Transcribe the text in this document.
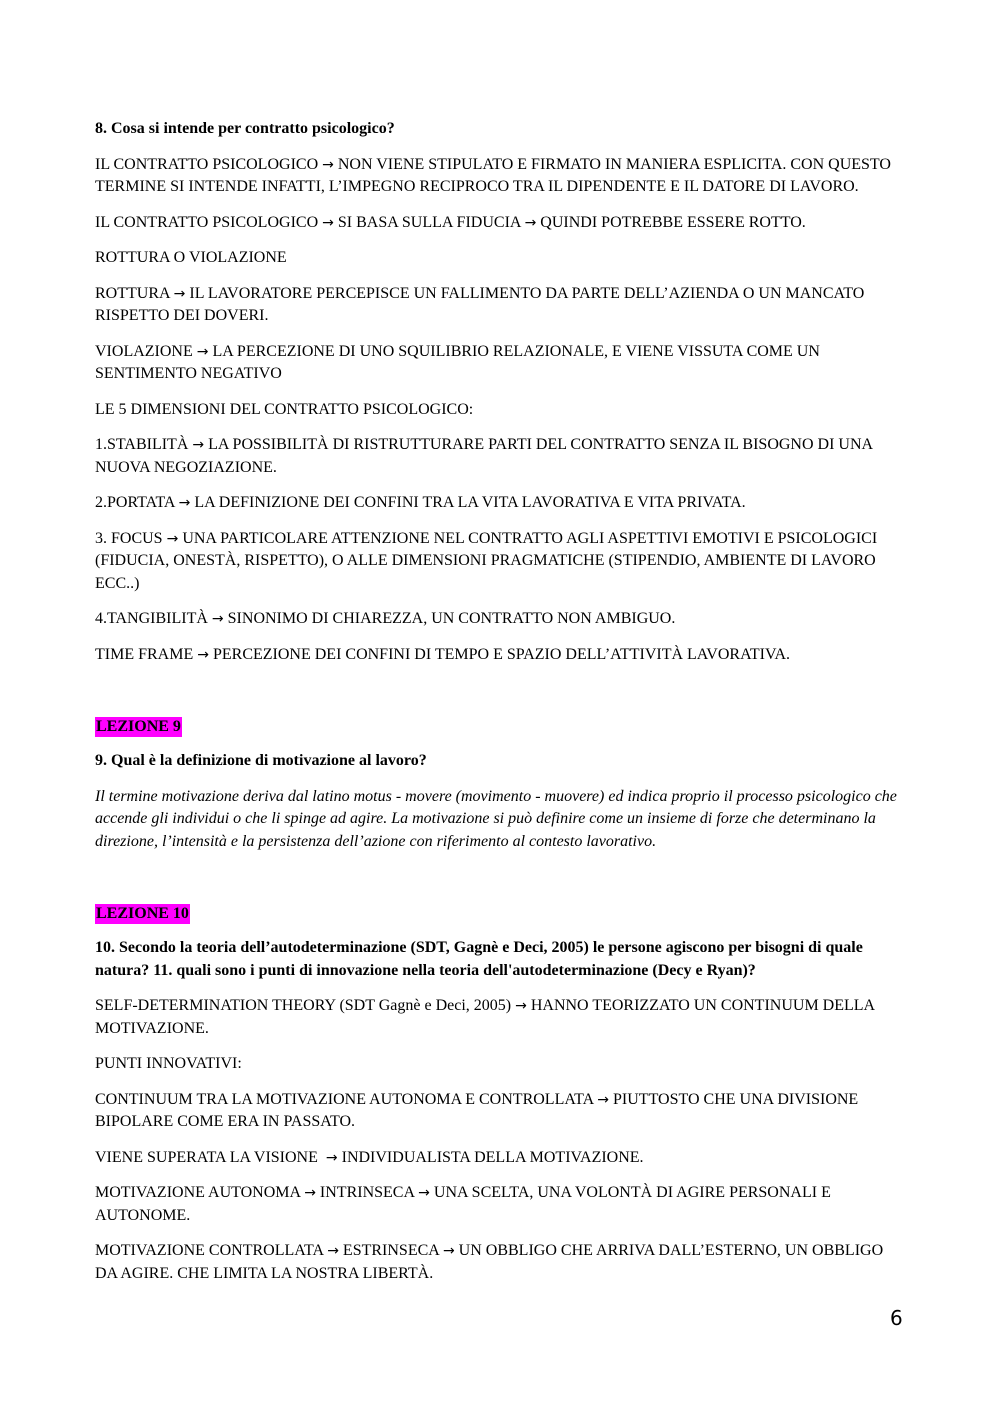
8. Cosa si intende per contratto psicologico?

IL CONTRATTO PSICOLOGICO → NON VIENE STIPULATO E FIRMATO IN MANIERA ESPLICITA. CON QUESTO TERMINE SI INTENDE INFATTI, L’IMPEGNO RECIPROCO TRA IL DIPENDENTE E IL DATORE DI LAVORO.

IL CONTRATTO PSICOLOGICO → SI BASA SULLA FIDUCIA → QUINDI POTREBBE ESSERE ROTTO.

ROTTURA O VIOLAZIONE

ROTTURA → IL LAVORATORE PERCEPISCE UN FALLIMENTO DA PARTE DELL’AZIENDA O UN MANCATO RISPETTO DEI DOVERI.

VIOLAZIONE → LA PERCEZIONE DI UNO SQUILIBRIO RELAZIONALE, E VIENE VISSUTA COME UN SENTIMENTO NEGATIVO

LE 5 DIMENSIONI DEL CONTRATTO PSICOLOGICO:

1.STABILITÀ → LA POSSIBILITÀ DI RISTRUTTURARE PARTI DEL CONTRATTO SENZA IL BISOGNO DI UNA NUOVA NEGOZIAZIONE.

2.PORTATA → LA DEFINIZIONE DEI CONFINI TRA LA VITA LAVORATIVA E VITA PRIVATA.

3. FOCUS → UNA PARTICOLARE ATTENZIONE NEL CONTRATTO AGLI ASPETTIVI EMOTIVI E PSICOLOGICI (FIDUCIA, ONESTÀ, RISPETTO), O ALLE DIMENSIONI PRAGMATICHE (STIPENDIO, AMBIENTE DI LAVORO ECC..)

4.TANGIBILITÀ → SINONIMO DI CHIAREZZA, UN CONTRATTO NON AMBIGUO.

TIME FRAME → PERCEZIONE DEI CONFINI DI TEMPO E SPAZIO DELL’ATTIVITÀ LAVORATIVA.

LEZIONE 9

9. Qual è la definizione di motivazione al lavoro?

Il termine motivazione deriva dal latino motus - movere (movimento - muovere) ed indica proprio il processo psicologico che accende gli individui o che li spinge ad agire. La motivazione si può definire come un insieme di forze che determinano la direzione, l’intensità e la persistenza dell’azione con riferimento al contesto lavorativo.

LEZIONE 10

10. Secondo la teoria dell’autodeterminazione (SDT, Gagnè e Deci, 2005) le persone agiscono per bisogni di quale natura? 11. quali sono i punti di innovazione nella teoria dell'autodeterminazione (Decy e Ryan)?

SELF-DETERMINATION THEORY (SDT Gagnè e Deci, 2005) → HANNO TEORIZZATO UN CONTINUUM DELLA MOTIVAZIONE.

PUNTI INNOVATIVI:

CONTINUUM TRA LA MOTIVAZIONE AUTONOMA E CONTROLLATA → PIUTTOSTO CHE UNA DIVISIONE BIPOLARE COME ERA IN PASSATO.

VIENE SUPERATA LA VISIONE → INDIVIDUALISTA DELLA MOTIVAZIONE.

MOTIVAZIONE AUTONOMA → INTRINSECA → UNA SCELTA, UNA VOLONTÀ DI AGIRE PERSONALI E AUTONOME.

MOTIVAZIONE CONTROLLATA → ESTRINSECA → UN OBBLIGO CHE ARRIVA DALL’ESTERNO, UN OBBLIGO DA AGIRE. CHE LIMITA LA NOSTRA LIBERTÀ.

6
